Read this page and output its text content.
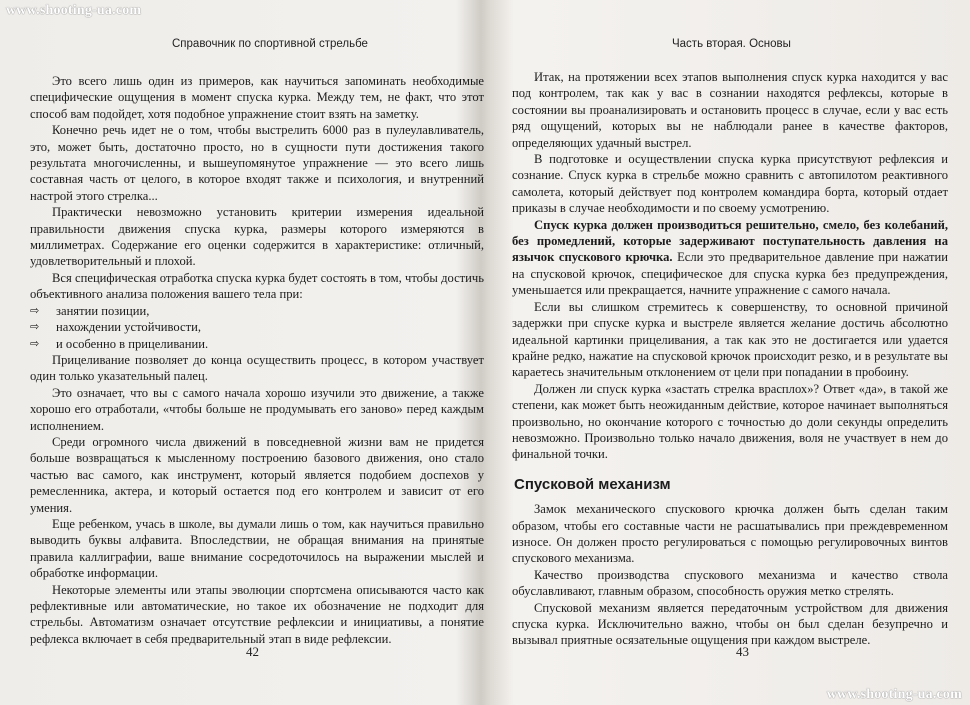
www.shooting-ua.com
Справочник по спортивной стрельбе

Это всего лишь один из примеров, как научиться запоминать необходимые специфические ощущения в момент спуска курка. Между тем, не факт, что этот способ вам подойдет, хотя подобное упражнение стоит взять на заметку.

Конечно речь идет не о том, чтобы выстрелить 6000 раз в пулеулавливатель, это, может быть, достаточно просто, но в сущности пути достижения такого результата многочисленны, и вышеупомянутое упражнение — это всего лишь составная часть от целого, в которое входят также и психология, и внутренний настрой этого стрелка...

Практически невозможно установить критерии измерения идеальной правильности движения спуска курка, размеры которого измеряются в миллиметрах. Содержание его оценки содержится в характеристике: отличный, удовлетворительный и плохой.

Вся специфическая отработка спуска курка будет состоять в том, чтобы достичь объективного анализа положения вашего тела при:

⇨ занятии позиции,

⇨ нахождении устойчивости,

⇨ и особенно в прицеливании.

Прицеливание позволяет до конца осуществить процесс, в котором участвует один только указательный палец.

Это означает, что вы с самого начала хорошо изучили это движение, а также хорошо его отработали, «чтобы больше не продумывать его заново» перед каждым исполнением.

Среди огромного числа движений в повседневной жизни вам не придется больше возвращаться к мысленному построению базового движения, оно стало частью вас самого, как инструмент, который является подобием доспехов у ремесленника, актера, и который остается под его контролем и зависит от его умения.

Еще ребенком, учась в школе, вы думали лишь о том, как научиться правильно выводить буквы алфавита. Впоследствии, не обращая внимания на принятые правила каллиграфии, ваше внимание сосредоточилось на выражении мыслей и обработке информации.

Некоторые элементы или этапы эволюции спортсмена описываются часто как рефлективные или автоматические, но такое их обозначение не подходит для стрельбы. Автоматизм означает отсутствие рефлексии и инициативы, а понятие рефлекса включает в себя предварительный этап в виде рефлексии.

42
Часть вторая. Основы

Итак, на протяжении всех этапов выполнения спуск курка находится у вас под контролем, так как у вас в сознании находятся рефлексы, которые в состоянии вы проанализировать и остановить процесс в случае, если у вас есть ряд ощущений, которых вы не наблюдали ранее в качестве факторов, определяющих удачный выстрел.

В подготовке и осуществлении спуска курка присутствуют рефлексия и сознание. Спуск курка в стрельбе можно сравнить с автопилотом реактивного самолета, который действует под контролем командира борта, который отдает приказы в случае необходимости и по своему усмотрению.

Спуск курка должен производиться решительно, смело, без колебаний, без промедлений, которые задерживают поступательность давления на язычок спускового крючка. Если это предварительное давление при нажатии на спусковой крючок, специфическое для спуска курка без предупреждения, уменьшается или прекращается, начните упражнение с самого начала.

Если вы слишком стремитесь к совершенству, то основной причиной задержки при спуске курка и выстреле является желание достичь абсолютно идеальной картинки прицеливания, а так как это не достигается или удается крайне редко, нажатие на спусковой крючок происходит резко, и в результате вы караетесь значительным отклонением от цели при попадании в пробоину.

Должен ли спуск курка «застать стрелка врасплох»? Ответ «да», в такой же степени, как может быть неожиданным действие, которое начинает выполняться произвольно, но окончание которого с точностью до доли секунды определить невозможно. Произвольно только начало движения, воля не участвует в нем до финальной точки.

Спусковой механизм

Замок механического спускового крючка должен быть сделан таким образом, чтобы его составные части не расшатывались при преждевременном износе. Он должен просто регулироваться с помощью регулировочных винтов спускового механизма.

Качество производства спускового механизма и качество ствола обуславливают, главным образом, способность оружия метко стрелять.

Спусковой механизм является передаточным устройством для движения спуска курка. Исключительно важно, чтобы он был сделан безупречно и вызывал приятные осязательные ощущения при каждом выстреле.

43
www.shooting-ua.com
